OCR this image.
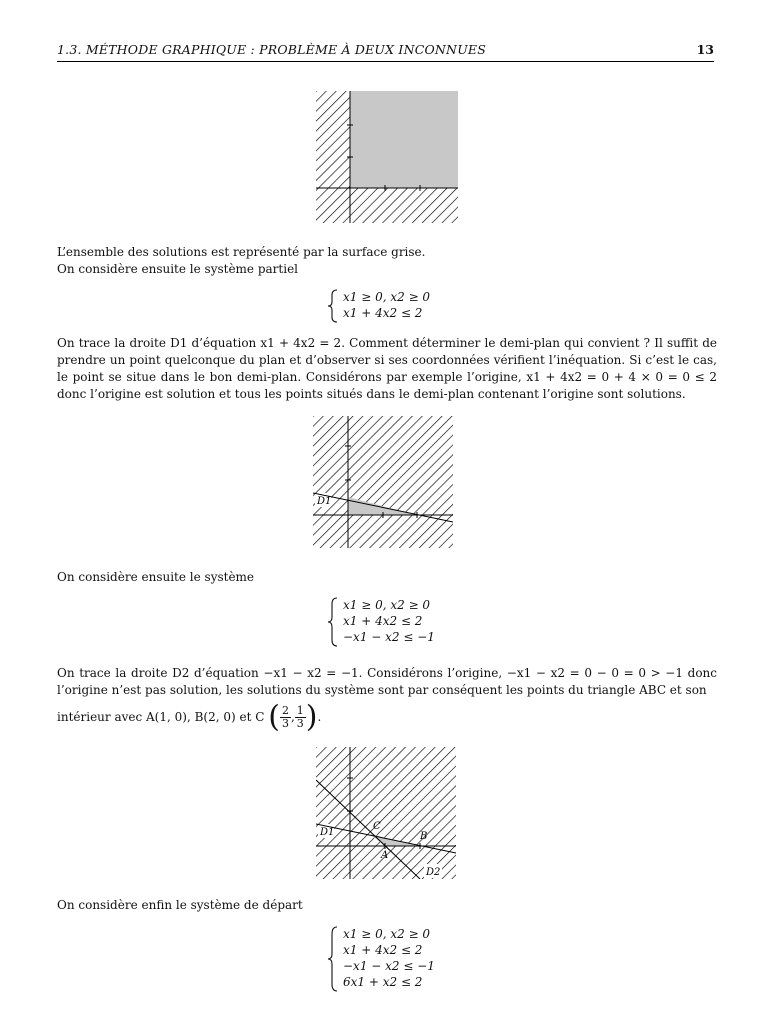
1.3. MÉTHODE GRAPHIQUE : PROBLÈME À DEUX INCONNUES	13
L’ensemble des solutions est représenté par la surface grise.
On considère ensuite le système partiel
x1 ≥ 0, x2 ≥ 0
x1 + 4x2 ≤ 2
On trace la droite D1 d’équation x1 + 4x2 = 2. Comment déterminer le demi-plan qui convient ? Il suffit de prendre un point quelconque du plan et d’observer si ses coordonnées vérifient l’inéquation. Si c’est le cas, le point se situe dans le bon demi-plan. Considérons par exemple l’origine, x1 + 4x2 = 0 + 4 × 0 = 0 ≤ 2 donc l’origine est solution et tous les points situés dans le demi-plan contenant l’origine sont solutions.
D1
On considère ensuite le système
x1 ≥ 0, x2 ≥ 0
x1 + 4x2 ≤ 2
−x1 − x2 ≤ −1
On trace la droite D2 d’équation −x1 − x2 = −1. Considérons l’origine, −x1 − x2 = 0 − 0 = 0 > −1 donc l’origine n’est pas solution, les solutions du système sont par conséquent les points du triangle ABC et son
intérieur avec A(1, 0), B(2, 0) et C ( $\frac{2}{3}$ , $\frac{1}{3}$ ).
D1
D2
A
B
C
On considère enfin le système de départ
x1 ≥ 0, x2 ≥ 0
x1 + 4x2 ≤ 2
−x1 − x2 ≤ −1
6x1 + x2 ≤ 2
